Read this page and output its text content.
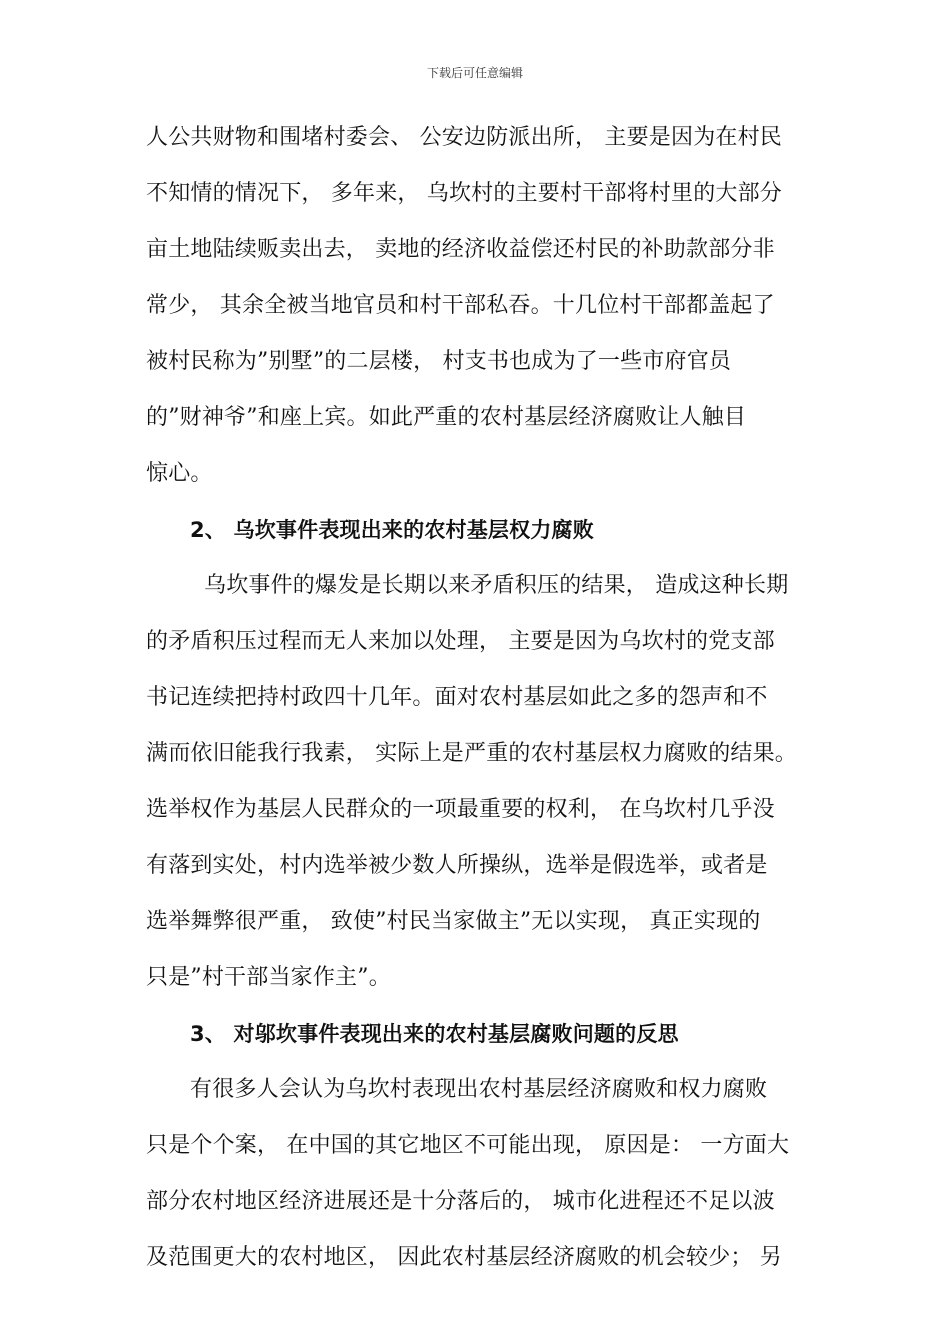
下载后可任意编辑
人公共财物和围堵村委会、 公安边防派出所， 主要是因为在村民
不知情的情况下， 多年来， 乌坎村的主要村干部将村里的大部分
亩土地陆续贩卖出去， 卖地的经济收益偿还村民的补助款部分非
常少， 其余全被当地官员和村干部私吞。十几位村干部都盖起了
被村民称为”别墅”的二层楼， 村支书也成为了一些市府官员
的”财神爷”和座上宾。如此严重的农村基层经济腐败让人触目
惊心。
2、 乌坎事件表现出来的农村基层权力腐败
乌坎事件的爆发是长期以来矛盾积压的结果， 造成这种长期
的矛盾积压过程而无人来加以处理， 主要是因为乌坎村的党支部
书记连续把持村政四十几年。面对农村基层如此之多的怨声和不
满而依旧能我行我素， 实际上是严重的农村基层权力腐败的结果。
选举权作为基层人民群众的一项最重要的权利， 在乌坎村几乎没
有落到实处，村内选举被少数人所操纵，选举是假选举，或者是
选举舞弊很严重， 致使”村民当家做主”无以实现， 真正实现的
只是”村干部当家作主”。
3、 对邬坎事件表现出来的农村基层腐败问题的反思
有很多人会认为乌坎村表现出农村基层经济腐败和权力腐败
只是个个案， 在中国的其它地区不可能出现， 原因是： 一方面大
部分农村地区经济进展还是十分落后的， 城市化进程还不足以波
及范围更大的农村地区， 因此农村基层经济腐败的机会较少； 另
